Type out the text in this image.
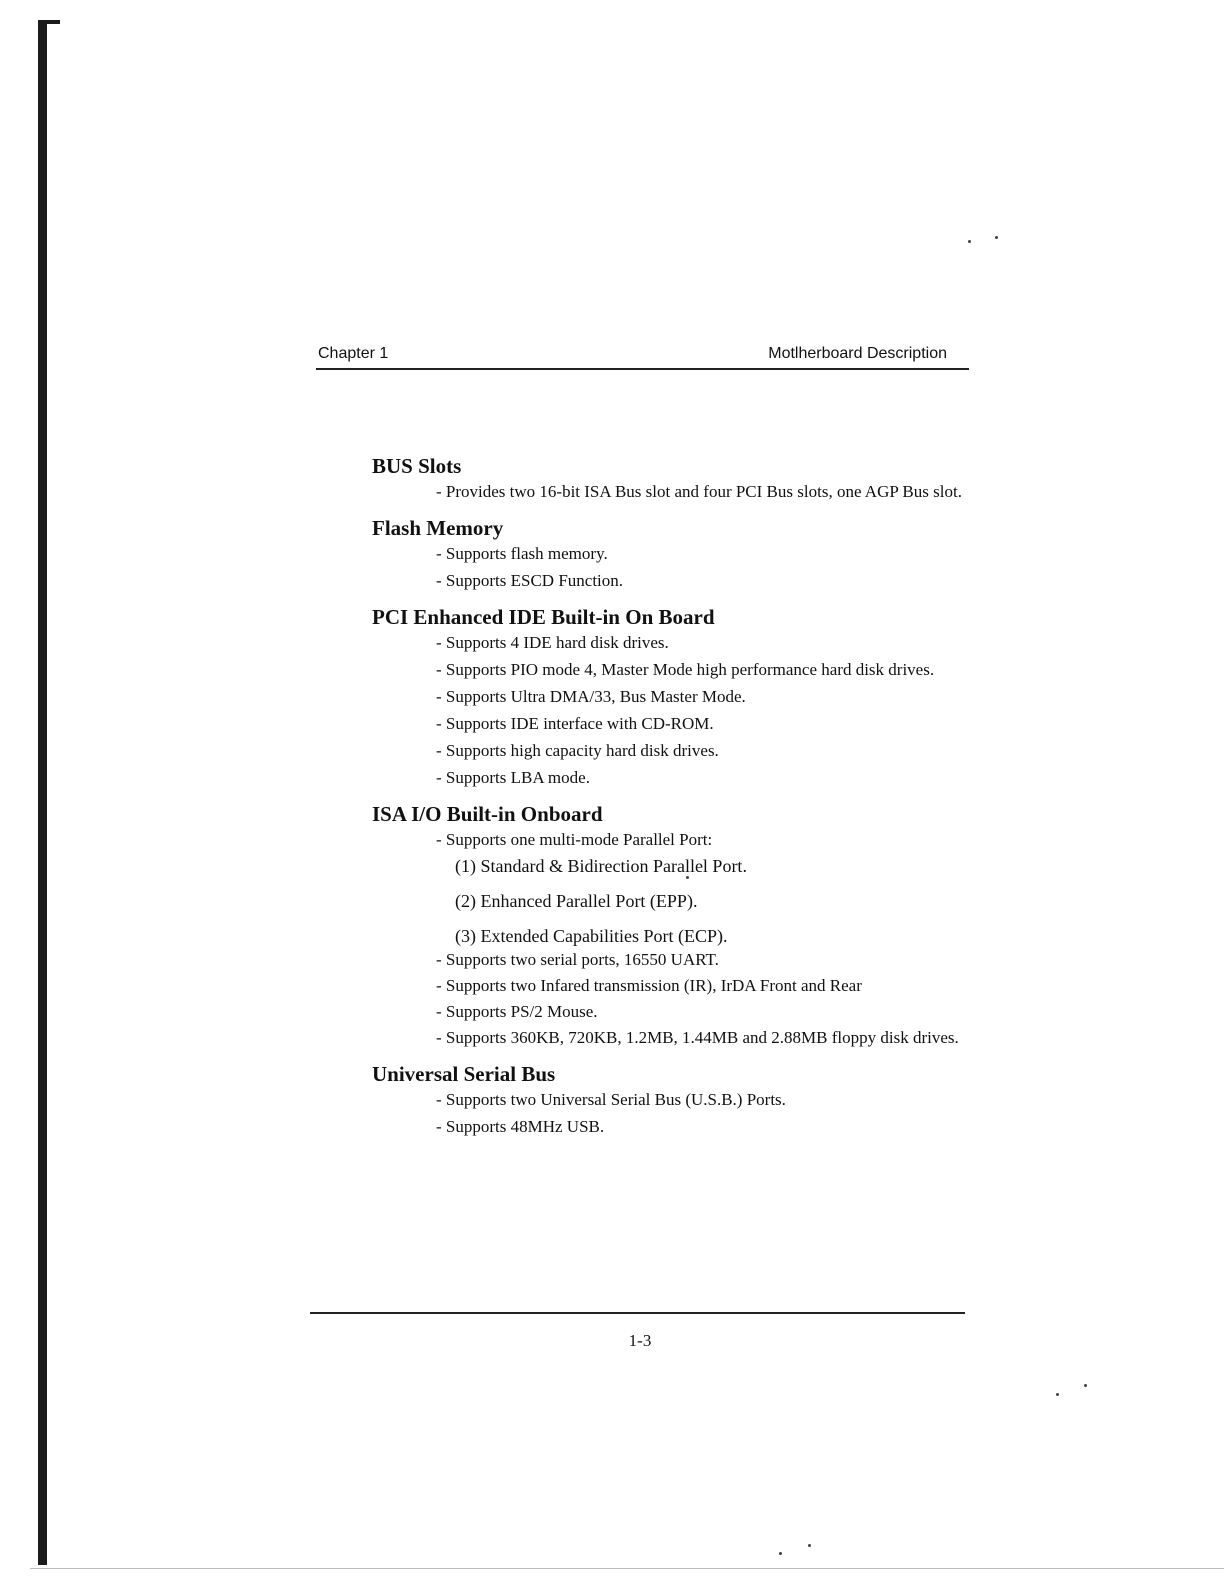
Chapter 1	Motlherboard Description
BUS Slots
- Provides two 16-bit ISA Bus slot and four PCI Bus slots, one AGP Bus slot.
Flash Memory
- Supports flash memory.
- Supports ESCD Function.
PCI Enhanced IDE Built-in On Board
- Supports 4 IDE hard disk drives.
- Supports PIO mode 4, Master Mode high performance hard disk drives.
- Supports Ultra DMA/33, Bus Master Mode.
- Supports IDE interface with CD-ROM.
- Supports high capacity hard disk drives.
- Supports LBA mode.
ISA I/O Built-in Onboard
- Supports one multi-mode Parallel Port:
(1) Standard & Bidirection Parallel Port.
(2) Enhanced Parallel Port (EPP).
(3) Extended Capabilities Port (ECP).
- Supports two serial ports, 16550 UART.
- Supports two Infared transmission (IR), IrDA Front and Rear
- Supports PS/2 Mouse.
- Supports 360KB, 720KB, 1.2MB, 1.44MB and 2.88MB floppy disk drives.
Universal Serial Bus
- Supports two Universal Serial Bus (U.S.B.) Ports.
- Supports 48MHz USB.
1-3
